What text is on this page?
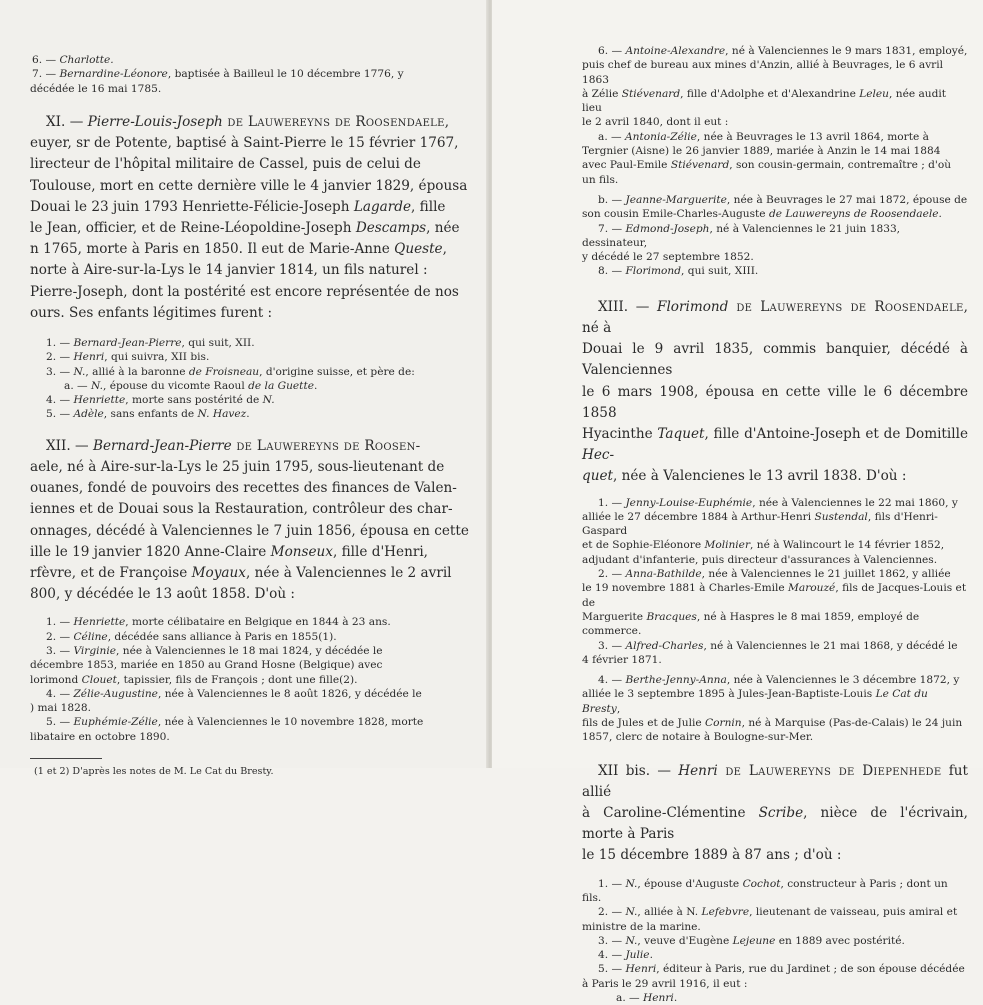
6. — Charlotte.

7. — Bernardine-Léonore, baptisée à Bailleul le 10 décembre 1776, y

décédée le 16 mai 1785.

XI. — Pierre-Louis-Joseph de Lauwereyns de Roosendaele,

euyer, sr de Potente, baptisé à Saint-Pierre le 15 février 1767,

lirecteur de l'hôpital militaire de Cassel, puis de celui de

Toulouse, mort en cette dernière ville le 4 janvier 1829, épousa

Douai le 23 juin 1793 Henriette-Félicie-Joseph Lagarde, fille

le Jean, officier, et de Reine-Léopoldine-Joseph Descamps, née

n 1765, morte à Paris en 1850. Il eut de Marie-Anne Queste,

norte à Aire-sur-la-Lys le 14 janvier 1814, un fils naturel :

Pierre-Joseph, dont la postérité est encore représentée de nos

ours. Ses enfants légitimes furent :

1. — Bernard-Jean-Pierre, qui suit, XII.

2. — Henri, qui suivra, XII bis.

3. — N., allié à la baronne de Froisneau, d'origine suisse, et père de:

a. — N., épouse du vicomte Raoul de la Guette.

4. — Henriette, morte sans postérité de N.

5. — Adèle, sans enfants de N. Havez.

XII. — Bernard-Jean-Pierre de Lauwereyns de Roosen-

aele, né à Aire-sur-la-Lys le 25 juin 1795, sous-lieutenant de

ouanes, fondé de pouvoirs des recettes des finances de Valen-

iennes et de Douai sous la Restauration, contrôleur des char-

onnages, décédé à Valenciennes le 7 juin 1856, épousa en cette

ille le 19 janvier 1820 Anne-Claire Monseux, fille d'Henri,

rfèvre, et de Françoise Moyaux, née à Valenciennes le 2 avril

800, y décédée le 13 août 1858. D'où :

1. — Henriette, morte célibataire en Belgique en 1844 à 23 ans.

2. — Céline, décédée sans alliance à Paris en 1855(1).

3. — Virginie, née à Valenciennes le 18 mai 1824, y décédée le

décembre 1853, mariée en 1850 au Grand Hosne (Belgique) avec

lorimond Clouet, tapissier, fils de François ; dont une fille(2).

4. — Zélie-Augustine, née à Valenciennes le 8 août 1826, y décédée le

) mai 1828.

5. — Euphémie-Zélie, née à Valenciennes le 10 novembre 1828, morte

libataire en octobre 1890.

(1 et 2) D'après les notes de M. Le Cat du Bresty.

6. — Antoine-Alexandre, né à Valenciennes le 9 mars 1831, employé,

puis chef de bureau aux mines d'Anzin, allié à Beuvrages, le 6 avril 1863

à Zélie Stiévenard, fille d'Adolphe et d'Alexandrine Leleu, née audit lieu

le 2 avril 1840, dont il eut :

a. — Antonia-Zélie, née à Beuvrages le 13 avril 1864, morte à

Tergnier (Aisne) le 26 janvier 1889, mariée à Anzin le 14 mai 1884

avec Paul-Emile Stiévenard, son cousin-germain, contremaître ; d'où

un fils.

b. — Jeanne-Marguerite, née à Beuvrages le 27 mai 1872, épouse de

son cousin Emile-Charles-Auguste de Lauwereyns de Roosendaele.

7. — Edmond-Joseph, né à Valenciennes le 21 juin 1833, dessinateur,

y décédé le 27 septembre 1852.

8. — Florimond, qui suit, XIII.

XIII. — Florimond de Lauwereyns de Roosendaele, né à

Douai le 9 avril 1835, commis banquier, décédé à Valenciennes

le 6 mars 1908, épousa en cette ville le 6 décembre 1858

Hyacinthe Taquet, fille d'Antoine-Joseph et de Domitille Hec-

quet, née à Valencienes le 13 avril 1838. D'où :

1. — Jenny-Louise-Euphémie, née à Valenciennes le 22 mai 1860, y

alliée le 27 décembre 1884 à Arthur-Henri Sustendal, fils d'Henri-Gaspard

et de Sophie-Eléonore Molinier, né à Walincourt le 14 février 1852,

adjudant d'infanterie, puis directeur d'assurances à Valenciennes.

2. — Anna-Bathilde, née à Valenciennes le 21 juillet 1862, y alliée

le 19 novembre 1881 à Charles-Emile Marouzé, fils de Jacques-Louis et de

Marguerite Bracques, né à Haspres le 8 mai 1859, employé de commerce.

3. — Alfred-Charles, né à Valenciennes le 21 mai 1868, y décédé le

4 février 1871.

4. — Berthe-Jenny-Anna, née à Valenciennes le 3 décembre 1872, y

alliée le 3 septembre 1895 à Jules-Jean-Baptiste-Louis Le Cat du Bresty,

fils de Jules et de Julie Cornin, né à Marquise (Pas-de-Calais) le 24 juin

1857, clerc de notaire à Boulogne-sur-Mer.

XII bis. — Henri de Lauwereyns de Diepenhede fut allié

à Caroline-Clémentine Scribe, nièce de l'écrivain, morte à Paris

le 15 décembre 1889 à 87 ans ; d'où :

1. — N., épouse d'Auguste Cochot, constructeur à Paris ; dont un fils.

2. — N., alliée à N. Lefebvre, lieutenant de vaisseau, puis amiral et

ministre de la marine.

3. — N., veuve d'Eugène Lejeune en 1889 avec postérité.

4. — Julie.

5. — Henri, éditeur à Paris, rue du Jardinet ; de son épouse décédée

à Paris le 29 avril 1916, il eut :

a. — Henri.
